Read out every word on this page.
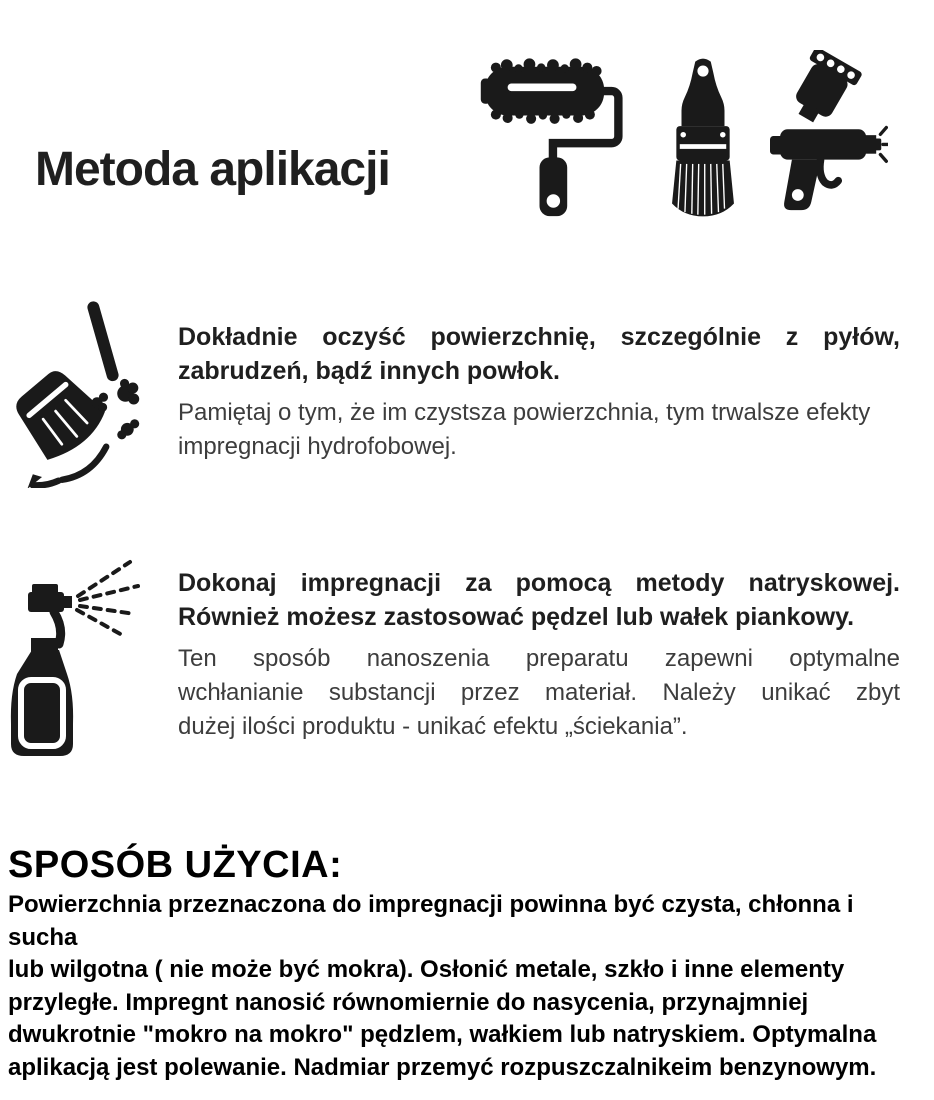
Metoda aplikacji
Dokładnie oczyść powierzchnię, szczególnie z pyłów,
zabrudzeń, bądź innych powłok.
Pamiętaj o tym, że im czystsza powierzchnia, tym trwalsze efekty
impregnacji hydrofobowej.
Dokonaj impregnacji za pomocą metody natryskowej.
Również możesz zastosować pędzel lub wałek piankowy.
Ten sposób nanoszenia preparatu zapewni optymalne
wchłanianie substancji przez materiał. Należy unikać zbyt
dużej ilości produktu - unikać efektu „ściekania”.
SPOSÓB UŻYCIA:
Powierzchnia przeznaczona do impregnacji powinna być czysta, chłonna i
sucha
lub wilgotna ( nie może być mokra). Osłonić metale, szkło i inne elementy
przyległe. Impregnt nanosić równomiernie do nasycenia, przynajmniej
dwukrotnie "mokro na mokro" pędzlem, wałkiem lub natryskiem. Optymalna
aplikacją jest polewanie. Nadmiar przemyć rozpuszczalnikeim benzynowym.
